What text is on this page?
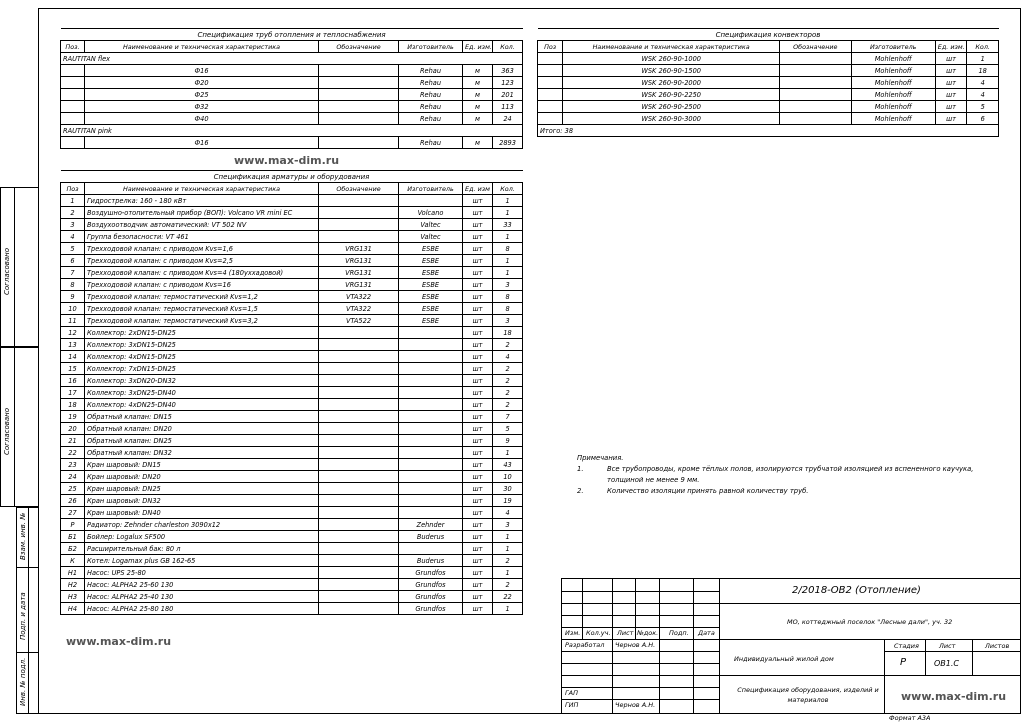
Согласовано
Согласовано
Взам. инв. №
Подп. и дата
Инв. № подл.
Спецификация труб отопления и теплоснабжения					
Поз.	Наименование и техническая характеристика	Обозначение	Изготовитель	Ед. изм.	Кол.
RAUTITAN flex					
	Ф16		Rehau	м	363
	Ф20		Rehau	м	123
	Ф25		Rehau	м	201
	Ф32		Rehau	м	113
	Ф40		Rehau	м	24
RAUTITAN pink					
	Ф16		Rehau	м	2893
Спецификация конвекторов					
Поз	Наименование и техническая характеристика	Обозначение	Изготовитель	Ед. изм.	Кол.
	WSK 260-90-1000		Mohlenhoff	шт	1
	WSK 260-90-1500		Mohlenhoff	шт	18
	WSK 260-90-2000		Mohlenhoff	шт	4
	WSK 260-90-2250		Mohlenhoff	шт	4
	WSK 260-90-2500		Mohlenhoff	шт	5
	WSK 260-90-3000		Mohlenhoff	шт	6
Итого: 38					
Спецификация арматуры и оборудования					
Поз	Наименование и техническая характеристика	Обозначение	Изготовитель	Ед. изм	Кол.
1	Гидрострелка: 160 - 180 кВт			шт	1
2	Воздушно-отопительный прибор (ВОП): Volcano VR mini EC		Volcano	шт	1
3	Воздухоотводчик автоматический: VT 502 NV		Valtec	шт	33
4	Группа безопасности: VT 461		Valtec	шт	1
5	Трехходовой клапан: с приводом Kvs=1,6	VRG131	ESBE	шт	8
6	Трехходовой клапан: с приводом Kvs=2,5	VRG131	ESBE	шт	1
7	Трехходовой клапан: с приводом Kvs=4 (180уххадовой)	VRG131	ESBE	шт	1
8	Трехходовой клапан: с приводом Kvs=16	VRG131	ESBE	шт	3
9	Трехходовой клапан: термостатический Kvs=1,2	VTA322	ESBE	шт	8
10	Трехходовой клапан: термостатический Kvs=1,5	VTA322	ESBE	шт	8
11	Трехходовой клапан: термостатический Kvs=3,2	VTA522	ESBE	шт	3
12	Коллектор: 2хDN15-DN25			шт	18
13	Коллектор: 3хDN15-DN25			шт	2
14	Коллектор: 4хDN15-DN25			шт	4
15	Коллектор: 7хDN15-DN25			шт	2
16	Коллектор: 3хDN20-DN32			шт	2
17	Коллектор: 3хDN25-DN40			шт	2
18	Коллектор: 4хDN25-DN40			шт	2
19	Обратный клапан: DN15			шт	7
20	Обратный клапан: DN20			шт	5
21	Обратный клапан: DN25			шт	9
22	Обратный клапан: DN32			шт	1
23	Кран шаровый: DN15			шт	43
24	Кран шаровый: DN20			шт	10
25	Кран шаровый: DN25			шт	30
26	Кран шаровый: DN32			шт	19
27	Кран шаровый: DN40			шт	4
Р	Радиатор: Zehnder charleston 3090х12		Zehnder	шт	3
Б1	Бойлер: Logalux SF500		Buderus	шт	1
Б2	Расширительный бак: 80 л			шт	1
К	Котел: Logamax plus GB 162-65		Buderus	шт	2
Н1	Насос: UPS 25-80		Grundfos	шт	1
Н2	Насос: ALPHA2 25-60 130		Grundfos	шт	2
Н3	Насос: ALPHA2 25-40 130		Grundfos	шт	22
Н4	Насос: ALPHA2 25-80 180		Grundfos	шт	1
www.max-dim.ru
www.max-dim.ru
www.max-dim.ru
Примечания.
1.	Все трубопроводы, кроме тёплых полов, изолируются трубчатой изоляцией из вспененного каучука, толщиной не менее 9 мм.
2.	Количество изоляции принять равной количеству труб.
2/2018-ОВ2 (Отопление)
МО, коттеджный поселок "Лесные дали", уч. 32
Изм. Кол.уч. Лист №док. Подп. Дата
Разработал Чернов А.Н.
ГАП
ГИП	Чернов А.Н.
Индивидуальный жилой дом
Стадия	Лист	Листов
Р	ОВ1.С
Спецификация оборудования, изделий и материалов
Формат А3А
